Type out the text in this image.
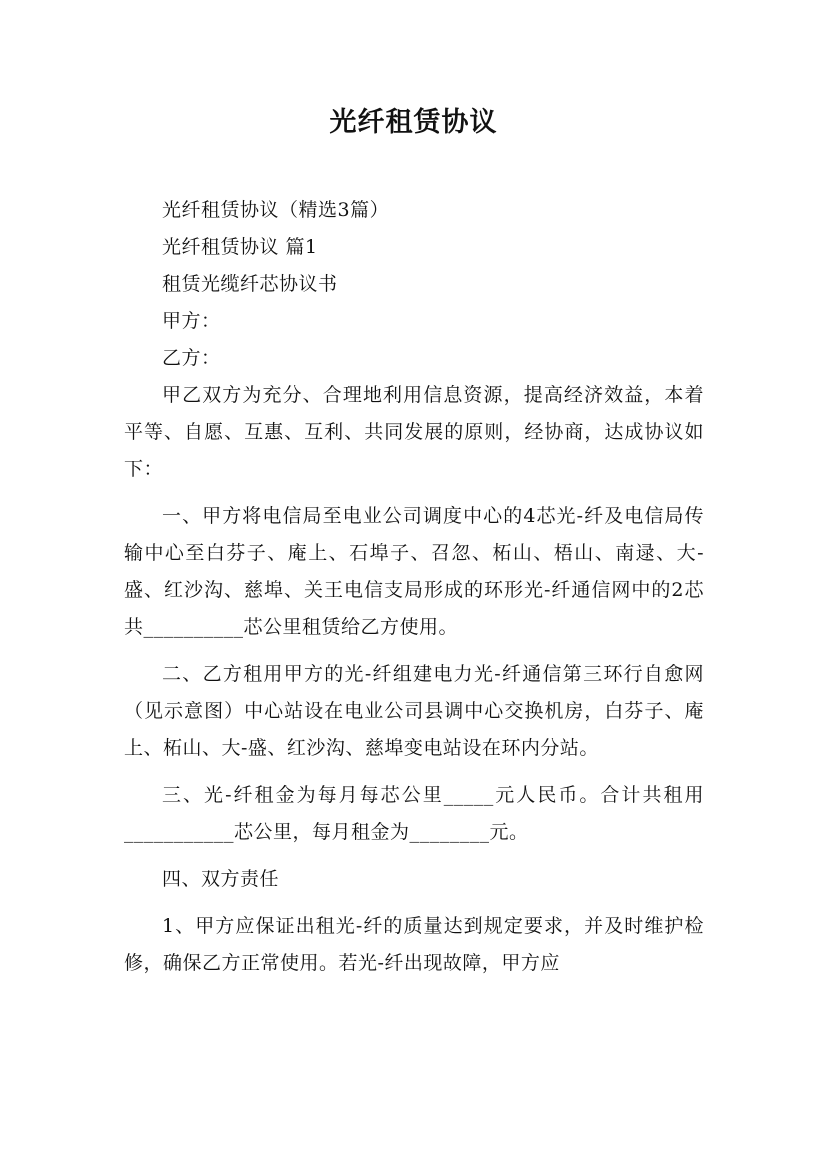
光纤租赁协议

光纤租赁协议（精选3篇）

光纤租赁协议 篇1

租赁光缆纤芯协议书

甲方：

乙方：

甲乙双方为充分、合理地利用信息资源，提高经济效益，本着平等、自愿、互惠、互利、共同发展的原则，经协商，达成协议如下：

一、甲方将电信局至电业公司调度中心的4芯光-纤及电信局传输中心至白芬子、庵上、石埠子、召忽、柘山、梧山、南逯、大-盛、红沙沟、慈埠、关王电信支局形成的环形光-纤通信网中的2芯共__________芯公里租赁给乙方使用。

二、乙方租用甲方的光-纤组建电力光-纤通信第三环行自愈网（见示意图）中心站设在电业公司县调中心交换机房，白芬子、庵上、柘山、大-盛、红沙沟、慈埠变电站设在环内分站。

三、光-纤租金为每月每芯公里_____元人民币。合计共租用___________芯公里，每月租金为________元。

四、双方责任

1、甲方应保证出租光-纤的质量达到规定要求，并及时维护检修，确保乙方正常使用。若光-纤出现故障，甲方应
